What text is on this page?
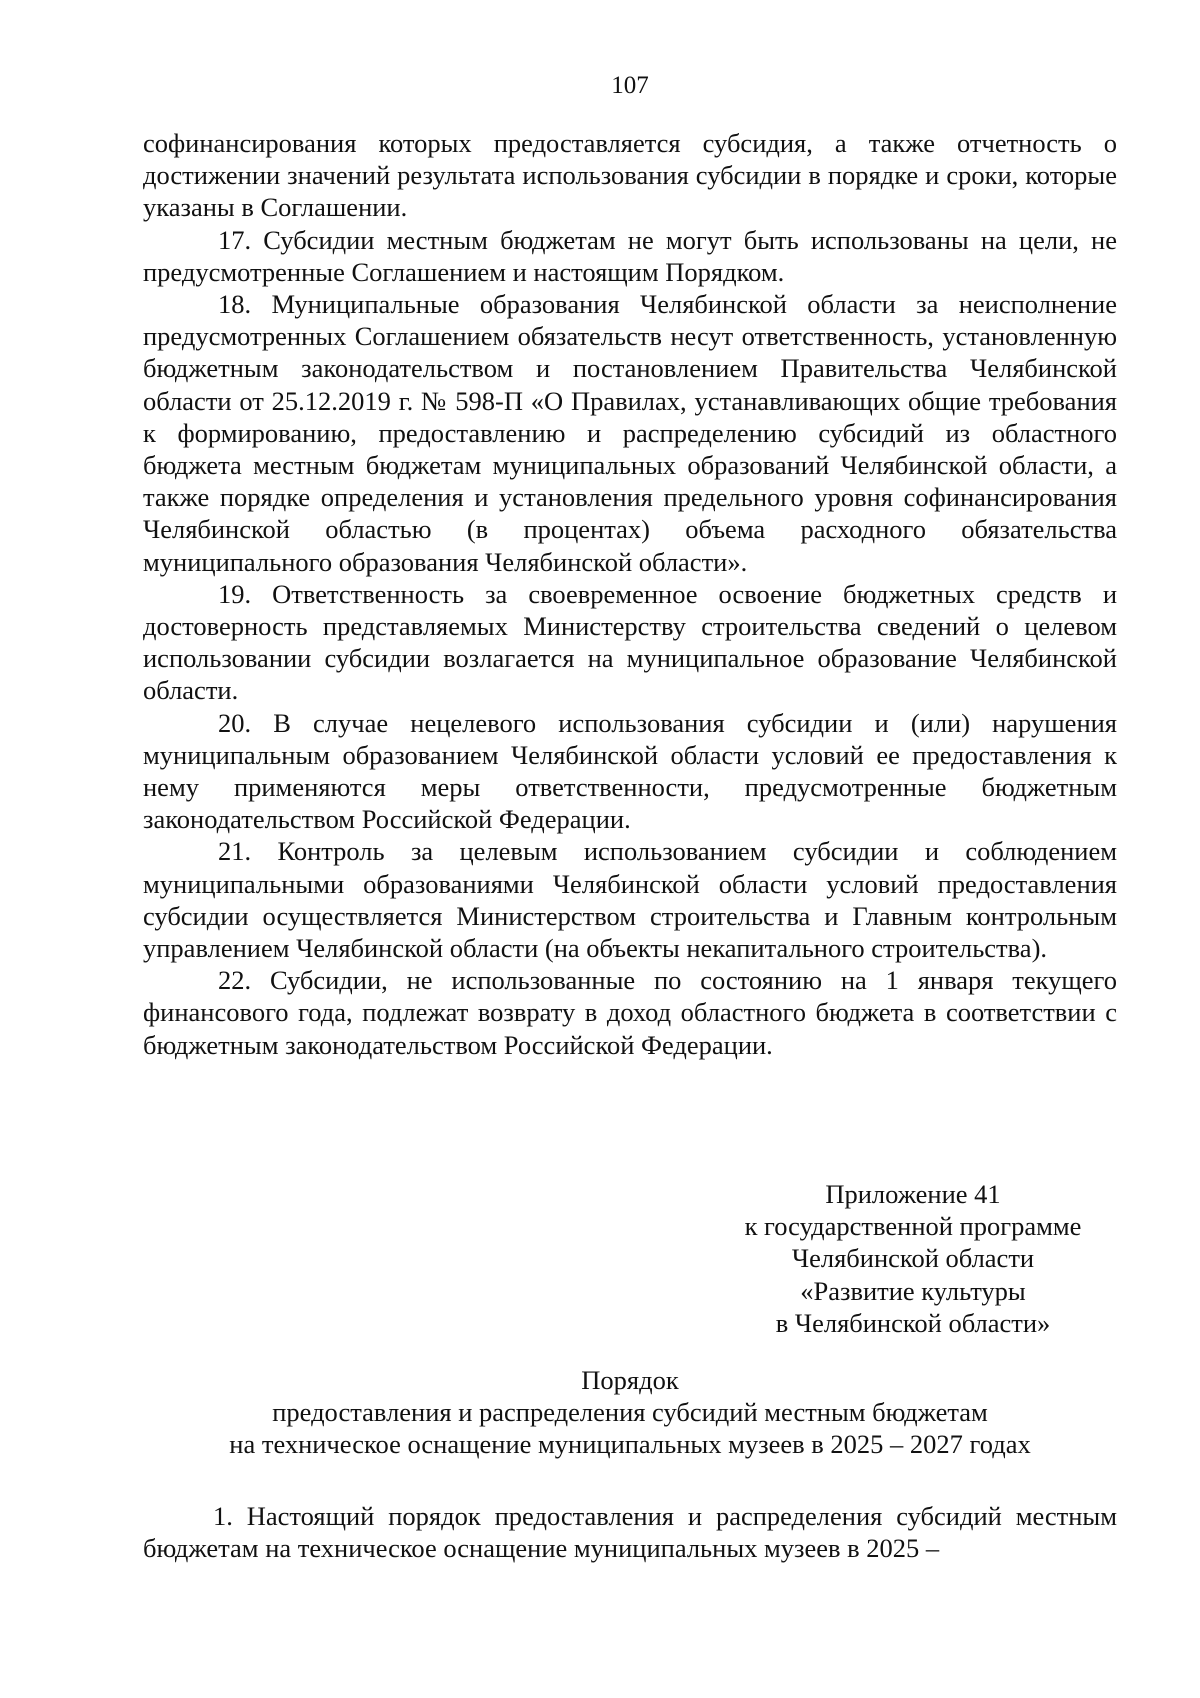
107

софинансирования которых предоставляется субсидия, а также отчетность о достижении значений результата использования субсидии в порядке и сроки, которые указаны в Соглашении.

17. Субсидии местным бюджетам не могут быть использованы на цели, не предусмотренные Соглашением и настоящим Порядком.

18. Муниципальные образования Челябинской области за неисполнение предусмотренных Соглашением обязательств несут ответственность, установленную бюджетным законодательством и постановлением Правительства Челябинской области от 25.12.2019 г. № 598-П «О Правилах, устанавливающих общие требования к формированию, предоставлению и распределению субсидий из областного бюджета местным бюджетам муниципальных образований Челябинской области, а также порядке определения и установления предельного уровня софинансирования Челябинской областью (в процентах) объема расходного обязательства муниципального образования Челябинской области».

19. Ответственность за своевременное освоение бюджетных средств и достоверность представляемых Министерству строительства сведений о целевом использовании субсидии возлагается на муниципальное образование Челябинской области.

20. В случае нецелевого использования субсидии и (или) нарушения муниципальным образованием Челябинской области условий ее предоставления к нему применяются меры ответственности, предусмотренные бюджетным законодательством Российской Федерации.

21. Контроль за целевым использованием субсидии и соблюдением муниципальными образованиями Челябинской области условий предоставления субсидии осуществляется Министерством строительства и Главным контрольным управлением Челябинской области (на объекты некапитального строительства).

22. Субсидии, не использованные по состоянию на 1 января текущего финансового года, подлежат возврату в доход областного бюджета в соответствии с бюджетным законодательством Российской Федерации.

Приложение 41
к государственной программе
Челябинской области
«Развитие культуры
в Челябинской области»
Порядок
предоставления и распределения субсидий местным бюджетам
на техническое оснащение муниципальных музеев в 2025 – 2027 годах

1. Настоящий порядок предоставления и распределения субсидий местным бюджетам на техническое оснащение муниципальных музеев в 2025 –
